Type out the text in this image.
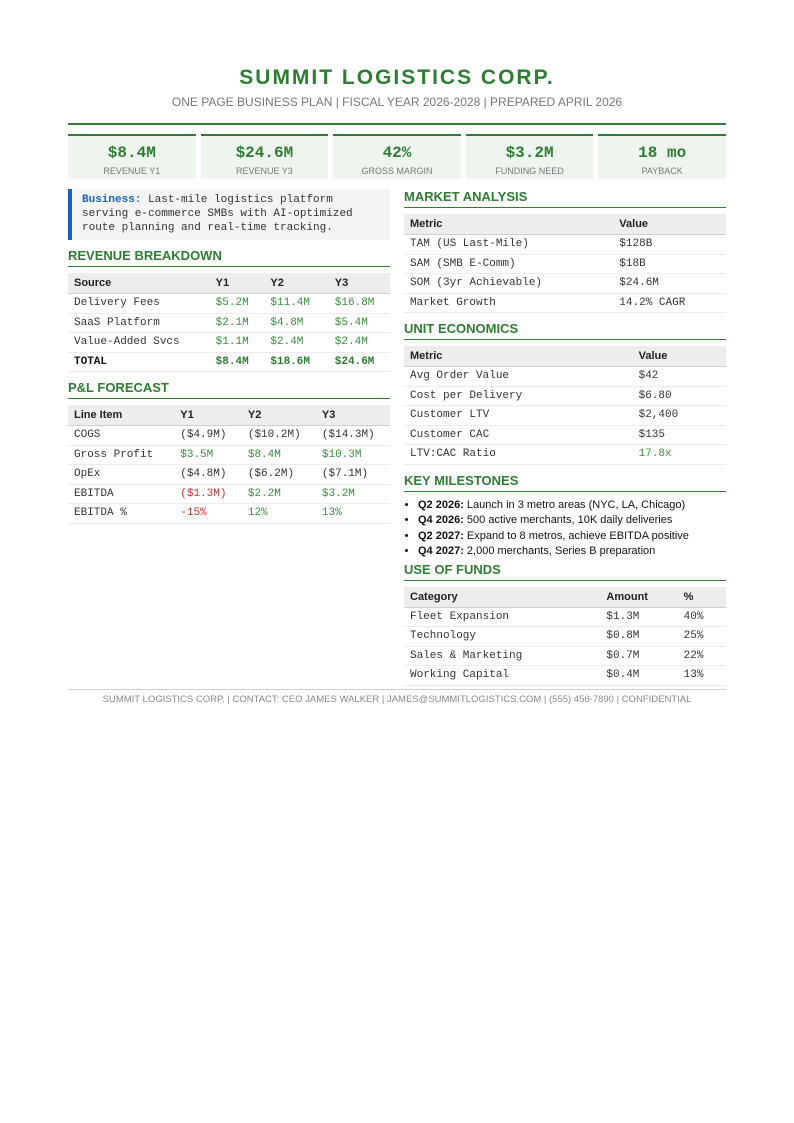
SUMMIT LOGISTICS CORP.
ONE PAGE BUSINESS PLAN | FISCAL YEAR 2026-2028 | PREPARED APRIL 2026
$8.4M
REVENUE Y1
$24.6M
REVENUE Y3
42%
GROSS MARGIN
$3.2M
FUNDING NEED
18 mo
PAYBACK
Business: Last-mile logistics platform serving e-commerce SMBs with AI-optimized route planning and real-time tracking.
REVENUE BREAKDOWN
Source	Y1	Y2	Y3
Delivery Fees	$5.2M	$11.4M	$16.8M
SaaS Platform	$2.1M	$4.8M	$5.4M
Value-Added Svcs	$1.1M	$2.4M	$2.4M
TOTAL	$8.4M	$18.6M	$24.6M
P&L FORECAST
Line Item	Y1	Y2	Y3
COGS	($4.9M)	($10.2M)	($14.3M)
Gross Profit	$3.5M	$8.4M	$10.3M
OpEx	($4.8M)	($6.2M)	($7.1M)
EBITDA	($1.3M)	$2.2M	$3.2M
EBITDA %	-15%	12%	13%
MARKET ANALYSIS
Metric	Value
TAM (US Last-Mile)	$128B
SAM (SMB E-Comm)	$18B
SOM (3yr Achievable)	$24.6M
Market Growth	14.2% CAGR
UNIT ECONOMICS
Metric	Value
Avg Order Value	$42
Cost per Delivery	$6.80
Customer LTV	$2,400
Customer CAC	$135
LTV:CAC Ratio	17.8x
KEY MILESTONES
• Q2 2026: Launch in 3 metro areas (NYC, LA, Chicago)
• Q4 2026: 500 active merchants, 10K daily deliveries
• Q2 2027: Expand to 8 metros, achieve EBITDA positive
• Q4 2027: 2,000 merchants, Series B preparation
USE OF FUNDS
Category	Amount	%
Fleet Expansion	$1.3M	40%
Technology	$0.8M	25%
Sales & Marketing	$0.7M	22%
Working Capital	$0.4M	13%
SUMMIT LOGISTICS CORP. | CONTACT: CEO JAMES WALKER | JAMES@SUMMITLOGISTICS.COM | (555) 456-7890 | CONFIDENTIAL
